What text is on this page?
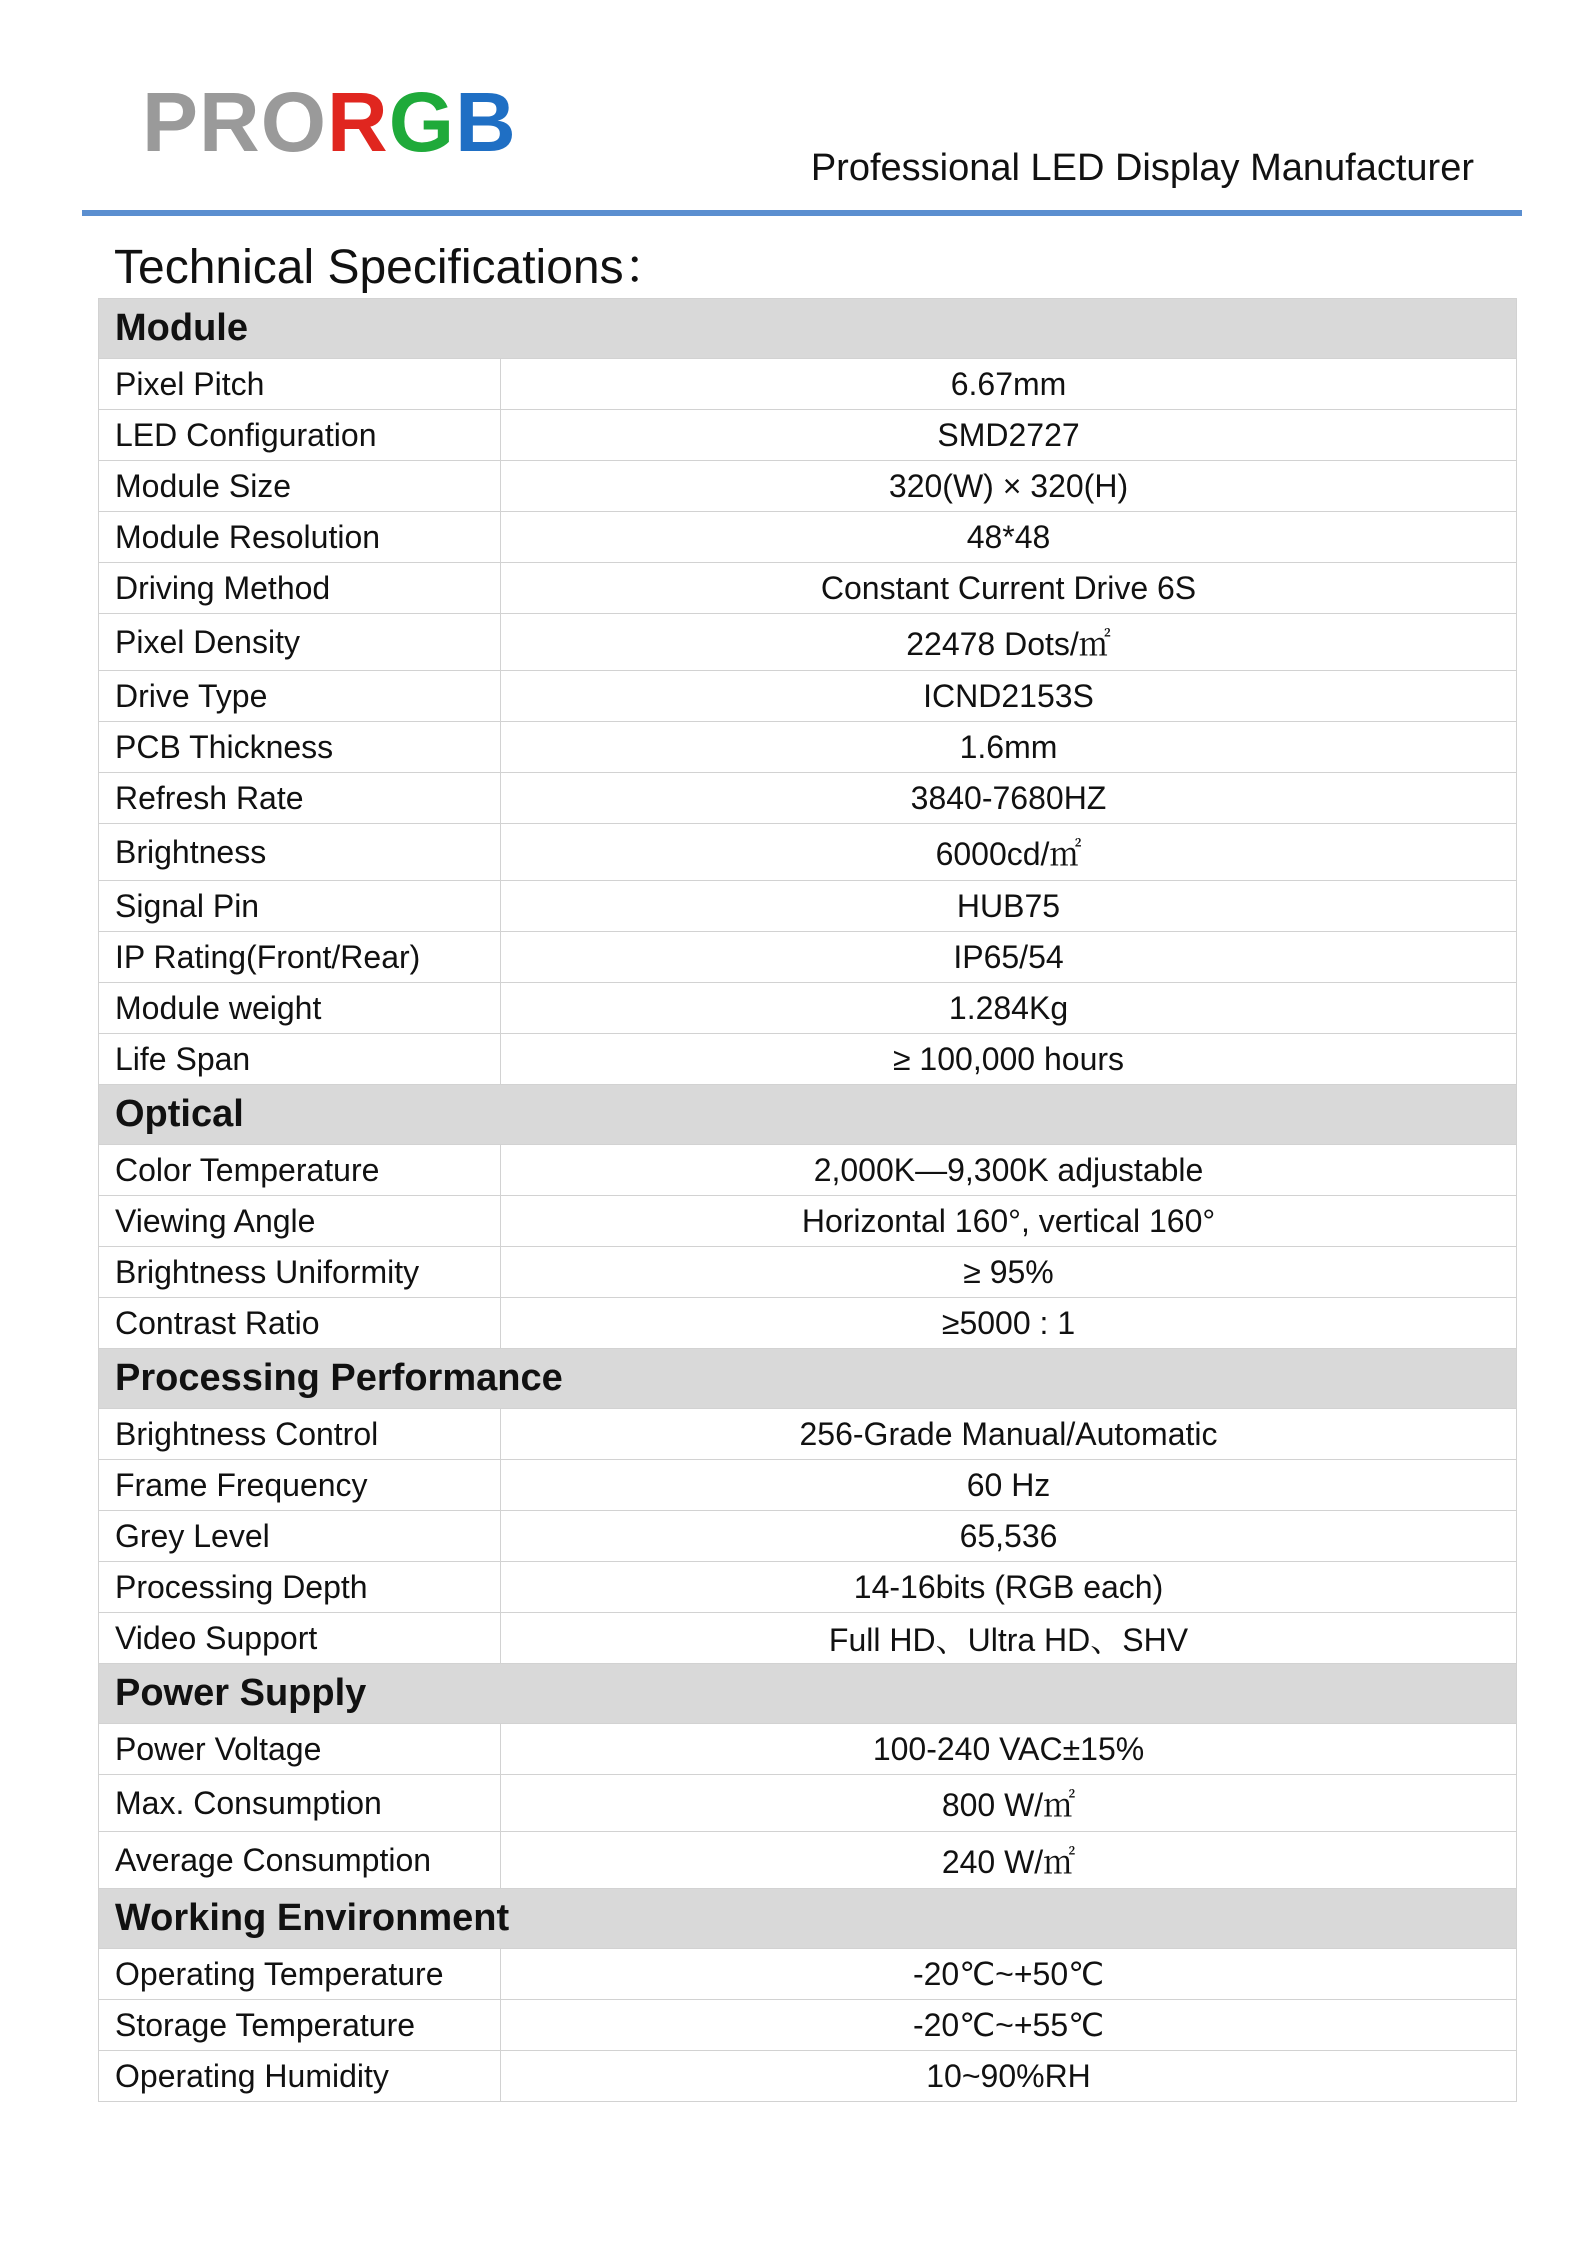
PRORGB	Professional LED Display Manufacturer
Technical Specifications：
Module	
Pixel Pitch	6.67mm
LED Configuration	SMD2727
Module Size	320(W) × 320(H)
Module Resolution	48*48
Driving Method	Constant Current Drive 6S
Pixel Density	22478 Dots/㎡
Drive Type	ICND2153S
PCB Thickness	1.6mm
Refresh Rate	3840-7680HZ
Brightness	6000cd/㎡
Signal Pin	HUB75
IP Rating(Front/Rear)	IP65/54
Module weight	1.284Kg
Life Span	≥ 100,000 hours
Optical	
Color Temperature	2,000K—9,300K adjustable
Viewing Angle	Horizontal 160°, vertical 160°
Brightness Uniformity	≥ 95%
Contrast Ratio	≥5000 : 1
Processing Performance	
Brightness Control	256-Grade Manual/Automatic
Frame Frequency	60 Hz
Grey Level	65,536
Processing Depth	14-16bits (RGB each)
Video Support	Full HD、Ultra HD、SHV
Power Supply	
Power Voltage	100-240 VAC±15%
Max. Consumption	800 W/㎡
Average Consumption	240 W/㎡
Working Environment	
Operating Temperature	-20℃~+50℃
Storage Temperature	-20℃~+55℃
Operating Humidity	10~90%RH
